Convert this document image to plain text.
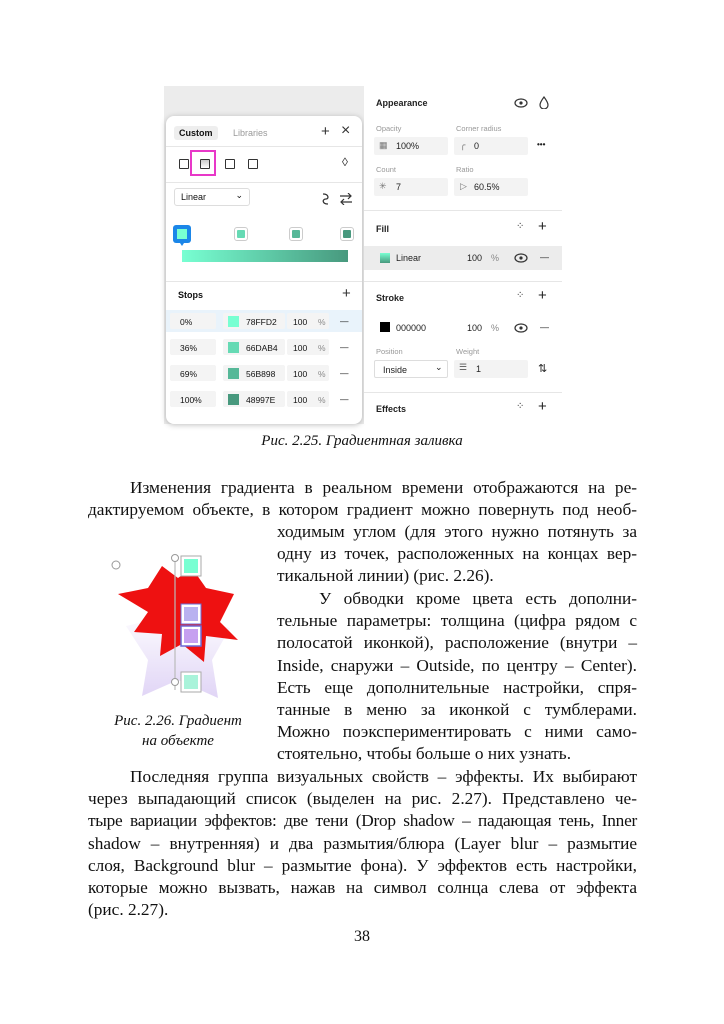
Custom	Libraries	+ ×
◊
Linear	⌄
Stops	+
0%	78FFD2 100 % —
36%	66DAB4 100 % —
69%	56B898 100 % —
100%	48997E 100 % —
Appearance
Opacity	Corner radius
▦ 100%	╭ 0	•••
Count	Ratio
✳ 7	▷ 60.5%
Fill	⁘ +
Linear	100 %	—
Stroke	⁘ +
000000	100 %	—
Position	Weight
Inside	⌄ ☰ 1	⇅
Effects	⁘ +
Рис. 2.25. Градиентная заливка
Изменения градиента в реальном времени отображаются на ре-
дактируемом объекте, в котором градиент можно повернуть под необ-
Рис. 2.26. Градиент
на объекте
ходимым углом (для этого нужно потянуть за
одну из точек, расположенных на концах вер-
тикальной линии) (рис. 2.26).
У обводки кроме цвета есть дополни-
тельные параметры: толщина (цифра рядом с
полосатой иконкой), расположение (внутри –
Inside, снаружи – Outside, по центру – Center).
Есть еще дополнительные настройки, спря-
танные в меню за иконкой с тумблерами.
Можно поэкспериментировать с ними само-
стоятельно, чтобы больше о них узнать.
Последняя группа визуальных свойств – эффекты. Их выбирают
через выпадающий список (выделен на рис. 2.27). Представлено че-
тыре вариации эффектов: две тени (Drop shadow – падающая тень, Inner
shadow – внутренняя) и два размытия/блюра (Layer blur – размытие
слоя, Background blur – размытие фона). У эффектов есть настройки,
которые можно вызвать, нажав на символ солнца слева от эффекта
(рис. 2.27).
38
